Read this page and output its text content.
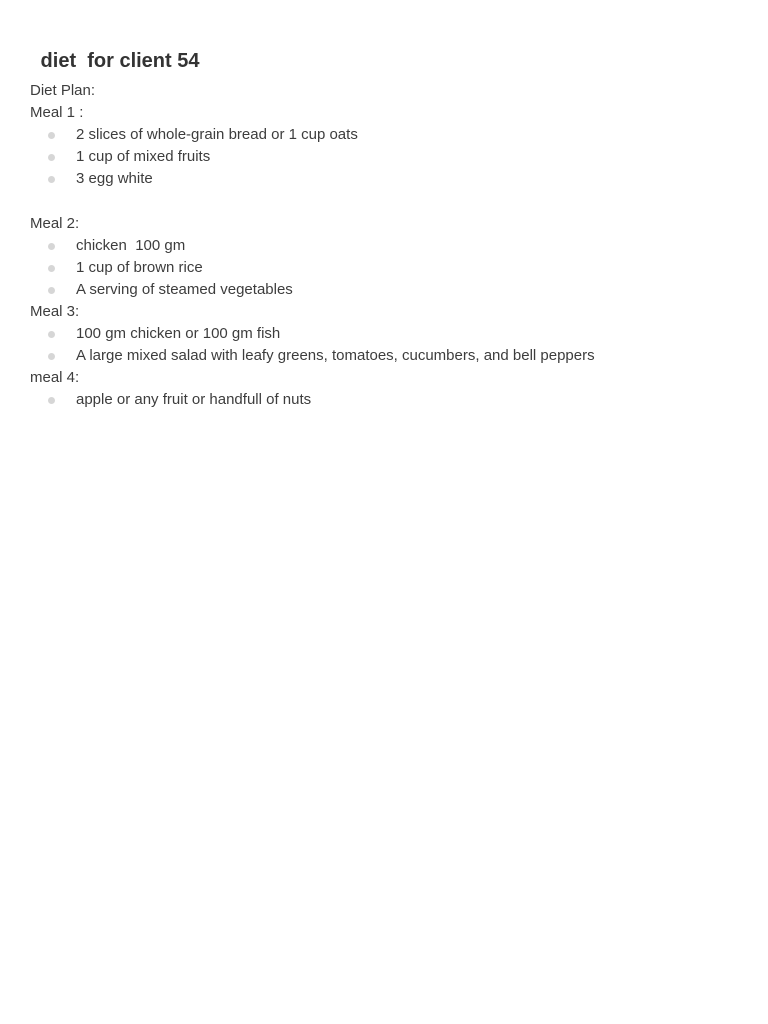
diet  for client 54

Diet Plan:

Meal 1 :

2 slices of whole-grain bread or 1 cup oats
1 cup of mixed fruits
3 egg white

Meal 2:

chicken  100 gm
1 cup of brown rice
A serving of steamed vegetables

Meal 3:

100 gm chicken or 100 gm fish
A large mixed salad with leafy greens, tomatoes, cucumbers, and bell peppers

meal 4:

apple or any fruit or handfull of nuts
